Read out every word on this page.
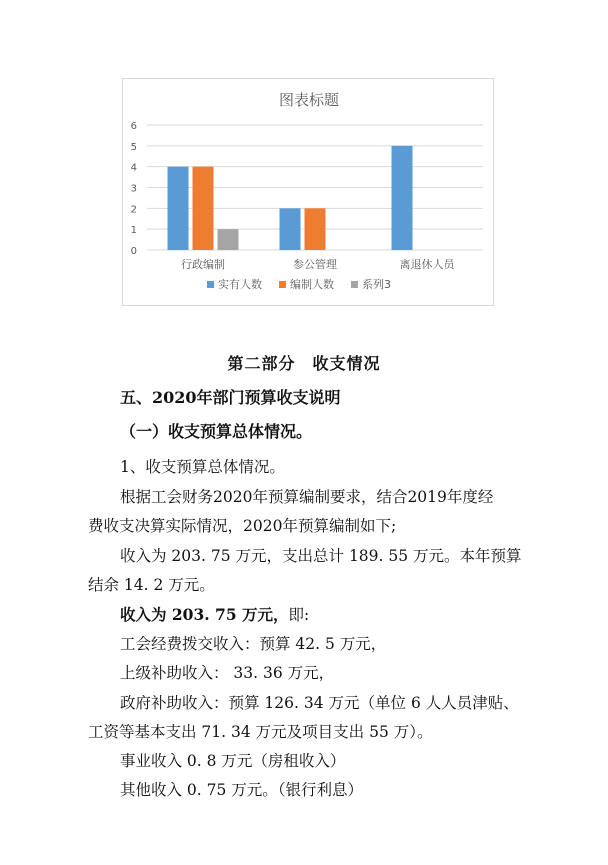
图表标题
0
1
2
3
4
5
6
行政编制	参公管理	离退休人员
实有人数	编制人数	系列3
第二部分　收支情况
五、2020年部门预算收支说明
（一）收支预算总体情况。
1、收支预算总体情况。
根据工会财务2020年预算编制要求，结合2019年度经
费收支决算实际情况，2020年预算编制如下;
收入为 203. 75 万元，支出总计 189. 55 万元。本年预算
结余 14. 2 万元。
收入为 203. 75 万元，即:
工会经费拨交收入：预算 42. 5 万元，
上级补助收入： 33. 36 万元，
政府补助收入：预算 126. 34 万元（单位 6 人人员津贴、
工资等基本支出 71. 34 万元及项目支出 55 万）。
事业收入 0. 8 万元（房租收入）
其他收入 0. 75 万元。（银行利息）
